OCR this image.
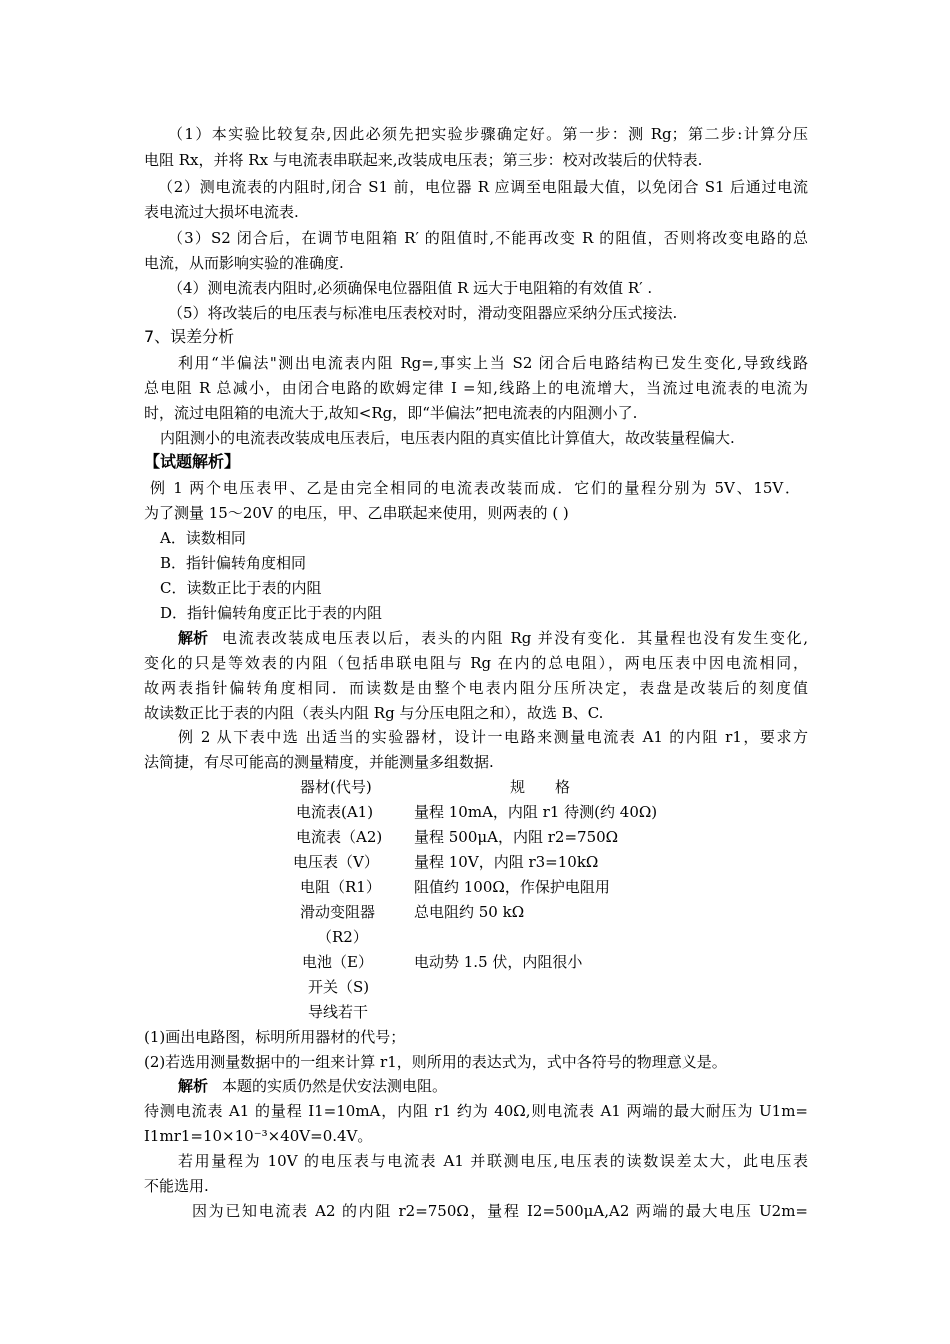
（1）本实验比较复杂,因此必须先把实验步骤确定好。第一步：测 Rg；第二步:计算分压
电阻 Rx，并将 Rx 与电流表串联起来,改装成电压表；第三步：校对改装后的伏特表.
（2）测电流表的内阻时,闭合 S1 前，电位器 R 应调至电阻最大值，以免闭合 S1 后通过电流
表电流过大损坏电流表.
（3）S2 闭合后，在调节电阻箱 R′ 的阻值时,不能再改变 R 的阻值，否则将改变电路的总
电流，从而影响实验的准确度.
（4）测电流表内阻时,必须确保电位器阻值 R 远大于电阻箱的有效值 R′ .
（5）将改装后的电压表与标准电压表校对时，滑动变阻器应采纳分压式接法.
7、误差分析
利用“半偏法"测出电流表内阻 Rg=,事实上当 S2 闭合后电路结构已发生变化,导致线路
总电阻 R 总减小，由闭合电路的欧姆定律 I =知,线路上的电流增大，当流过电流表的电流为
时，流过电阻箱的电流大于,故知<Rg，即“半偏法”把电流表的内阻测小了.
内阻测小的电流表改装成电压表后，电压表内阻的真实值比计算值大，故改装量程偏大.
【试题解析】
例 1 两个电压表甲、乙是由完全相同的电流表改装而成．它们的量程分别为 5V、15V．
为了测量 15～20V 的电压，甲、乙串联起来使用，则两表的 ( )
A．读数相同
B．指针偏转角度相同
C．读数正比于表的内阻
D．指针偏转角度正比于表的内阻
解析 电流表改装成电压表以后，表头的内阻 Rg 并没有变化．其量程也没有发生变化,
变化的只是等效表的内阻（包括串联电阻与 Rg 在内的总电阻），两电压表中因电流相同，
故两表指针偏转角度相同．而读数是由整个电表内阻分压所决定，表盘是改装后的刻度值
故读数正比于表的内阻（表头内阻 Rg 与分压电阻之和），故选 B、C.
例 2 从下表中选 出适当的实验器材，设计一电路来测量电流表 A1 的内阻 r1，要求方
法简捷，有尽可能高的测量精度，并能测量多组数据.
器材(代号)	规　　格
电流表(A1)	量程 10mA，内阻 r1 待测(约 40Ω)
电流表（A2) 量程 500μA，内阻 r2=750Ω
电压表（V） 量程 10V，内阻 r3=10kΩ
电阻（R1） 阻值约 100Ω，作保护电阻用
滑动变阻器	总电阻约 50 kΩ
（R2）
电池（E）	电动势 1.5 伏，内阻很小
开关（S)
导线若干
(1)画出电路图，标明所用器材的代号；
(2)若选用测量数据中的一组来计算 r1，则所用的表达式为，式中各符号的物理意义是。
解析 本题的实质仍然是伏安法测电阻。
待测电流表 A1 的量程 I1=10mA，内阻 r1 约为 40Ω,则电流表 A1 两端的最大耐压为 U1m=
I1mr1=10×10⁻³×40V=0.4V。
若用量程为 10V 的电压表与电流表 A1 并联测电压,电压表的读数误差太大，此电压表
不能选用.
因为已知电流表 A2 的内阻 r2=750Ω，量程 I2=500μA,A2 两端的最大电压 U2m=
